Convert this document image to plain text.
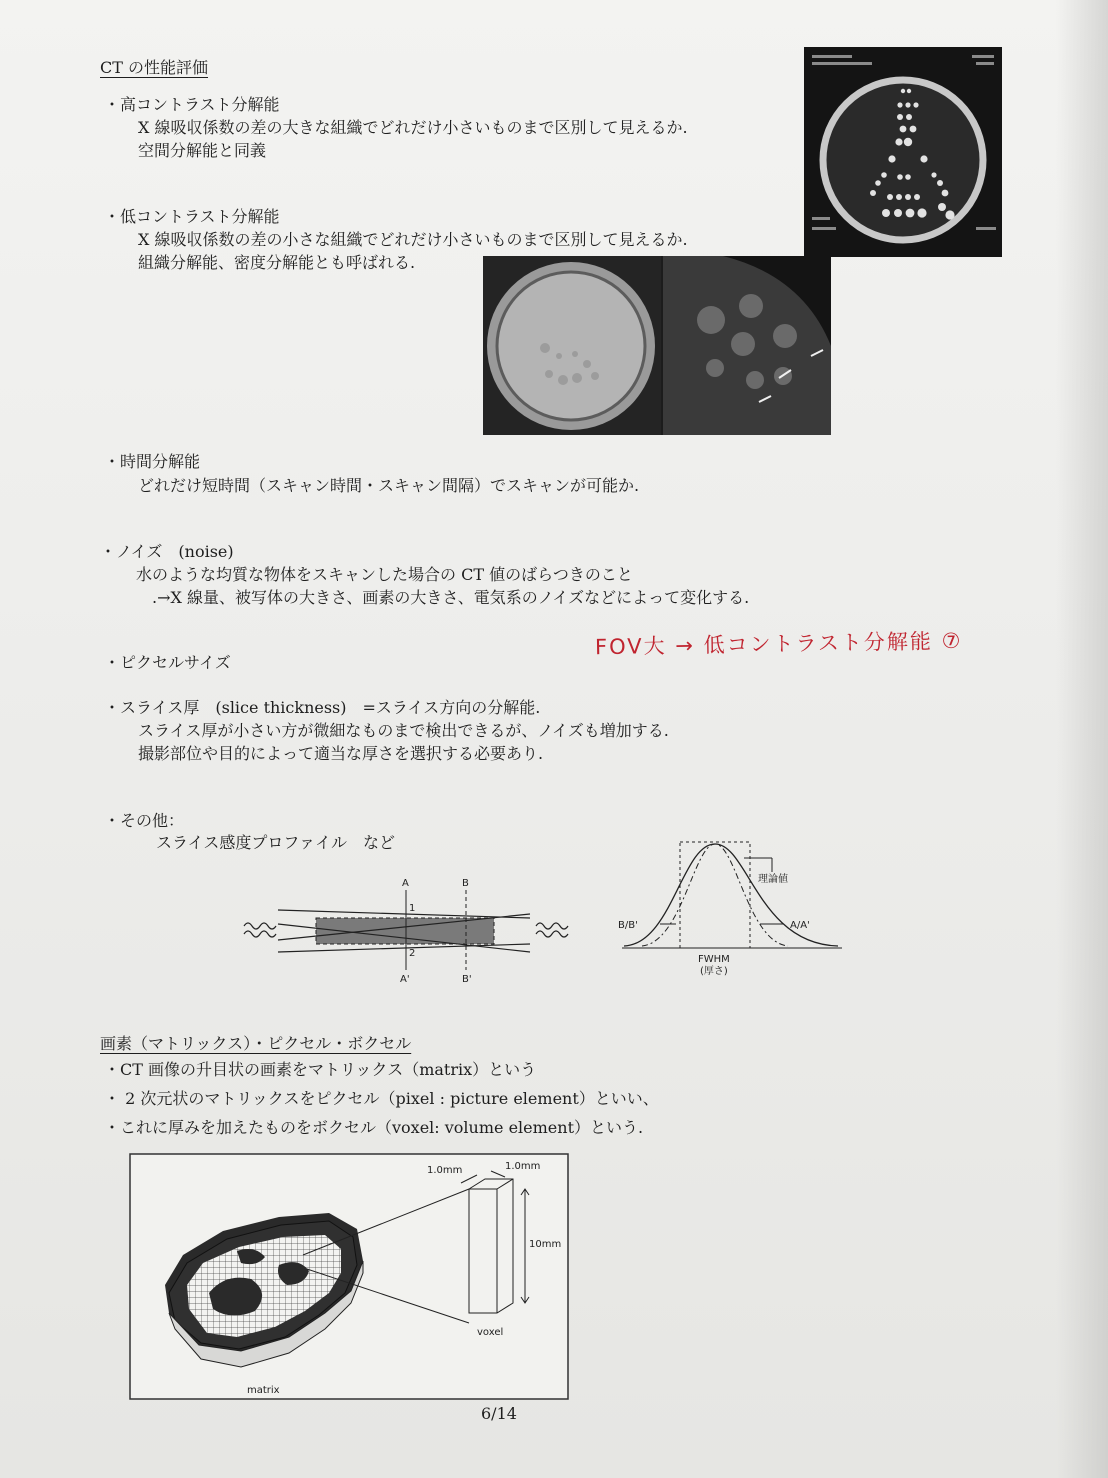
CT の性能評価
・高コントラスト分解能
X 線吸収係数の差の大きな組織でどれだけ小さいものまで区別して見えるか.
空間分解能と同義
・低コントラスト分解能
X 線吸収係数の差の小さな組織でどれだけ小さいものまで区別して見えるか.
組織分解能、密度分解能とも呼ばれる.
・時間分解能
どれだけ短時間（スキャン時間・スキャン間隔）でスキャンが可能か.
・ノイズ　(noise)
水のような均質な物体をスキャンした場合の CT 値のばらつきのこと
.→X 線量、被写体の大きさ、画素の大きさ、電気系のノイズなどによって変化する.
FOV大 → 低コントラスト分解能 ⑦
・ピクセルサイズ
・スライス厚　(slice thickness)　=スライス方向の分解能.
スライス厚が小さい方が微細なものまで検出できるが、ノイズも増加する.
撮影部位や目的によって適当な厚さを選択する必要あり.
・その他：
スライス感度プロファイル　など
A	B
1
2
A'	B'
理論値
B/B'	A/A'
FWHM
(厚さ)
画素（マトリックス）・ピクセル・ボクセル
・CT 画像の升目状の画素をマトリックス（matrix）という
・ 2 次元状のマトリックスをピクセル（pixel : picture element）といい、
・これに厚みを加えたものをボクセル（voxel: volume element）という.
1.0mm	1.0mm
10mm
voxel
matrix
6/14
